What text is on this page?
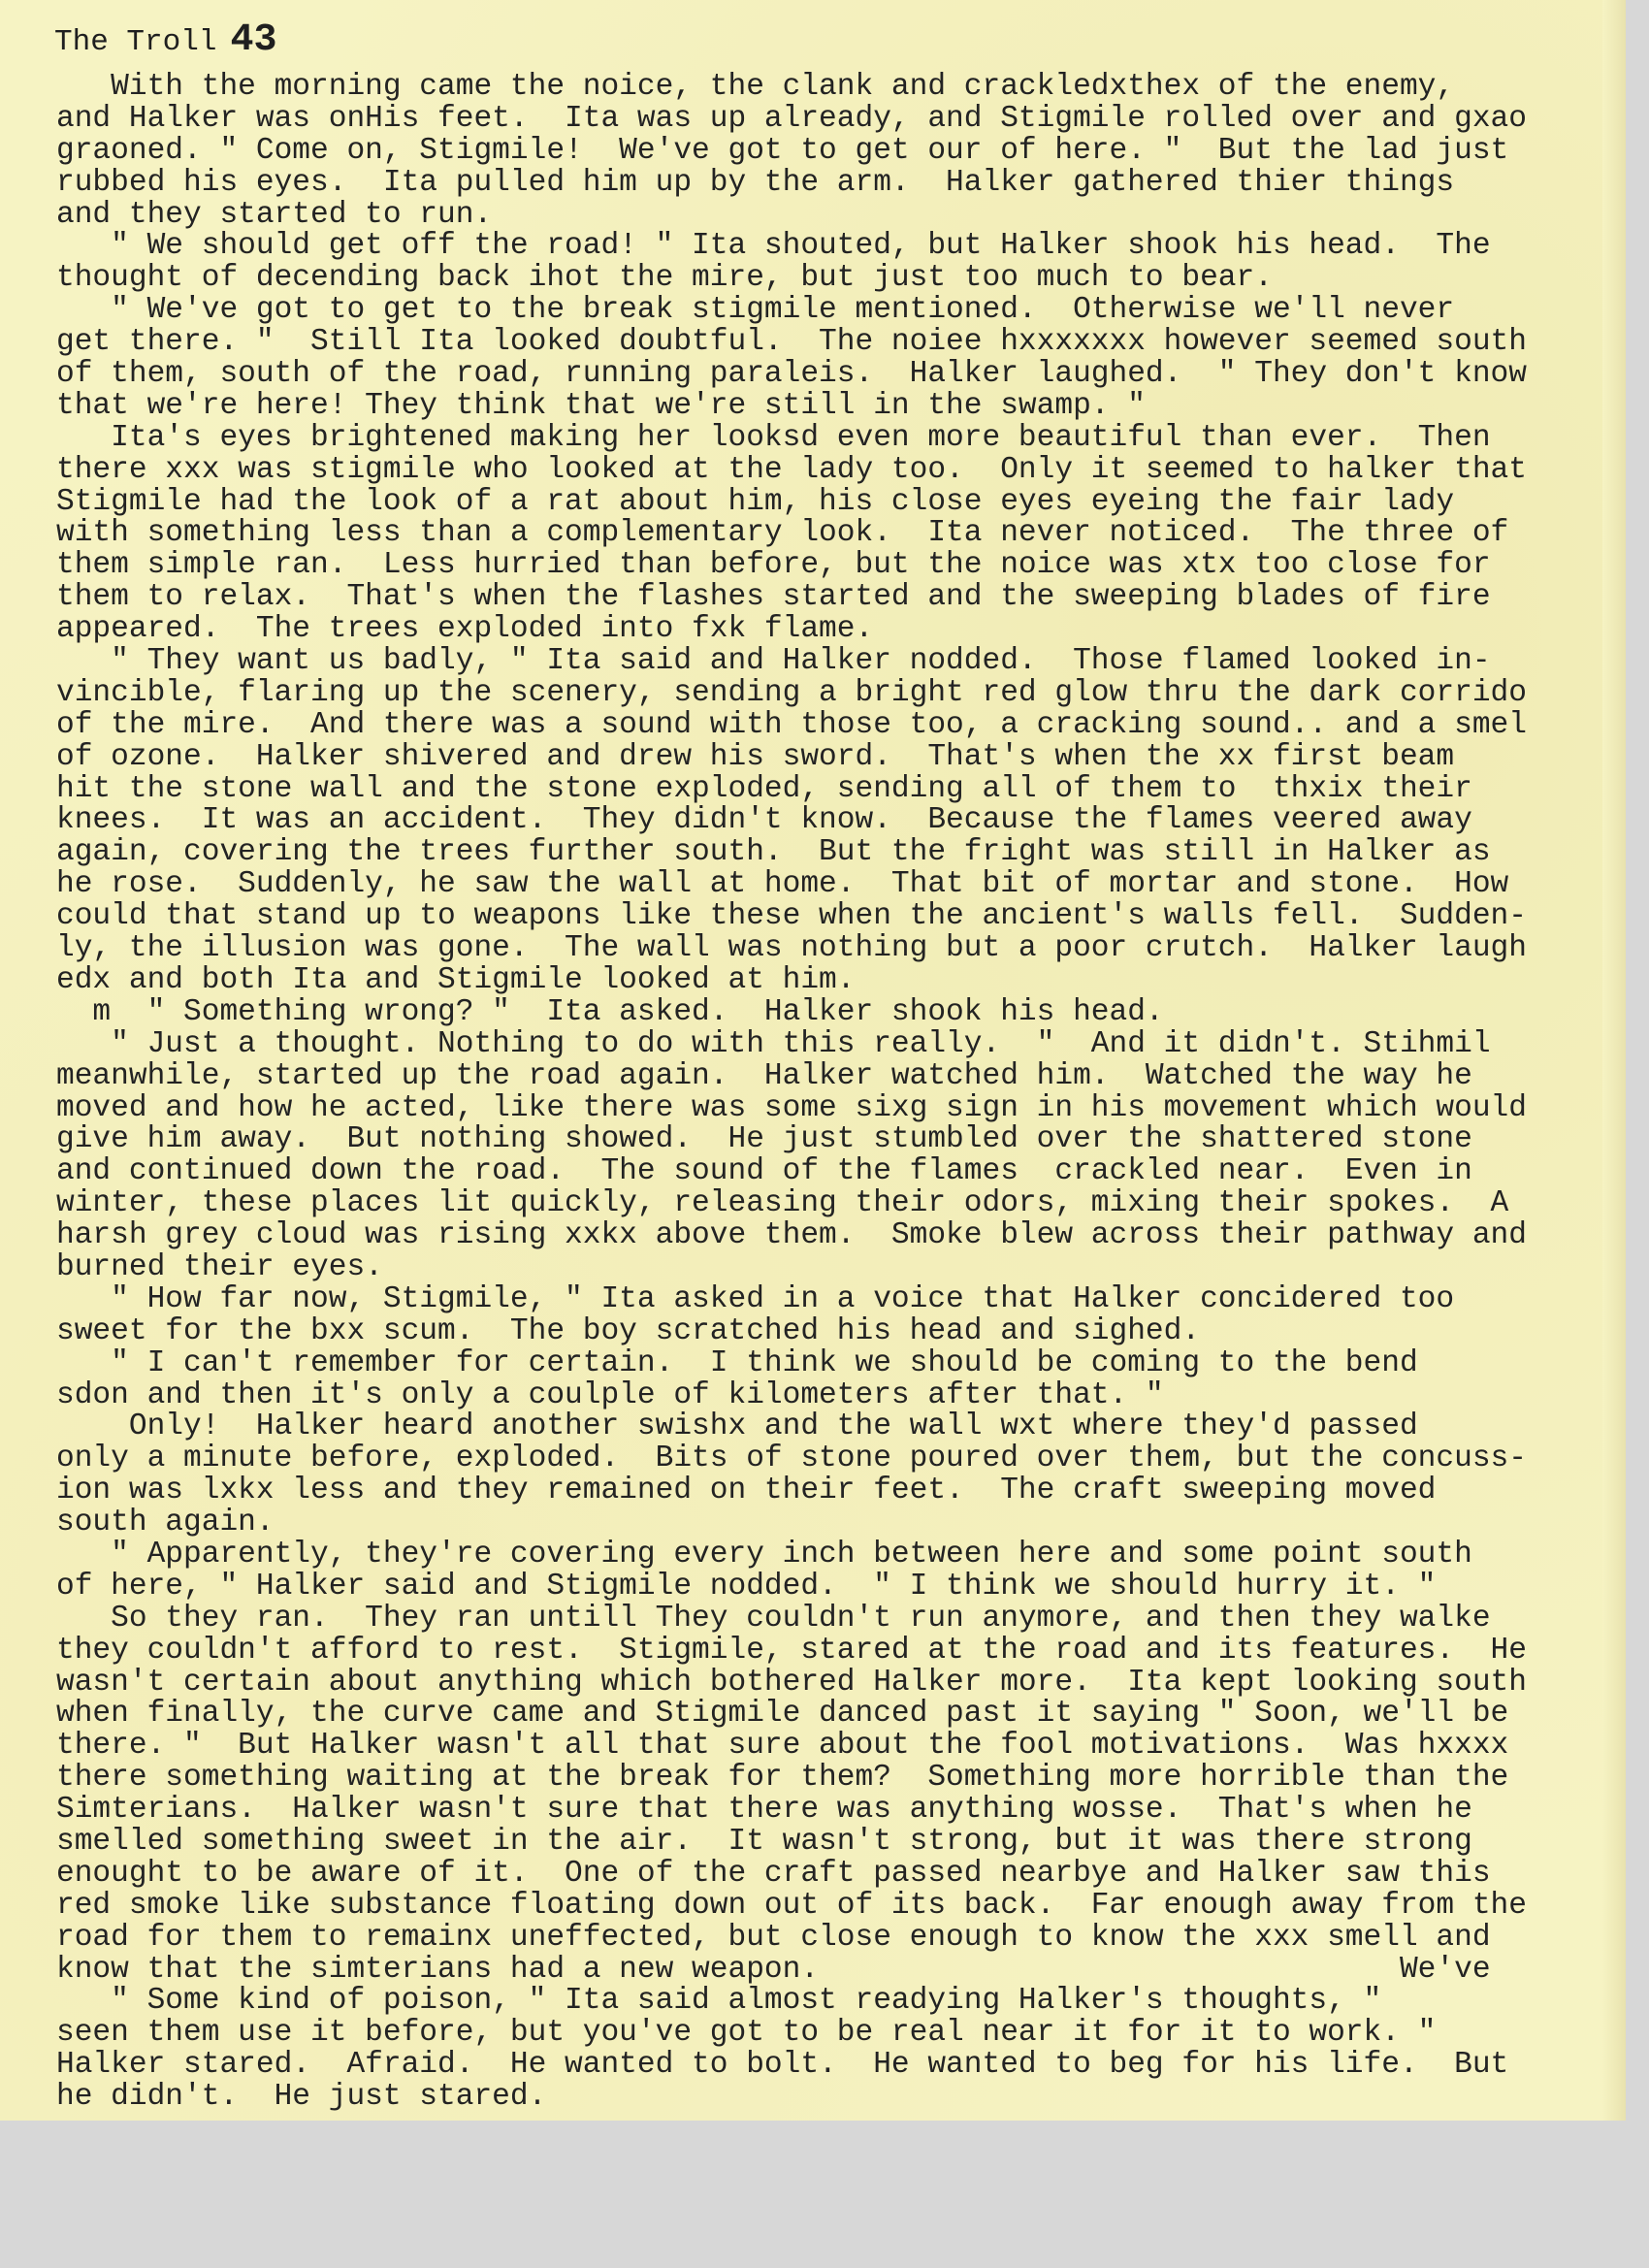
The Troll 43
With the morning came the noice, the clank and crackledxthex of the enemy,
and Halker was onHis feet.  Ita was up already, and Stigmile rolled over and gxao
graoned. " Come on, Stigmile!  We've got to get our of here. "  But the lad just
rubbed his eyes.  Ita pulled him up by the arm.  Halker gathered thier things
and they started to run.
" We should get off the road! " Ita shouted, but Halker shook his head.  The
thought of decending back ihot the mire, but just too much to bear.
" We've got to get to the break stigmile mentioned.  Otherwise we'll never
get there. "  Still Ita looked doubtful.  The noiee hxxxxxxx however seemed south
of them, south of the road, running paraleis.  Halker laughed.  " They don't know
that we're here! They think that we're still in the swamp. "
Ita's eyes brightened making her looksd even more beautiful than ever.  Then
there xxx was stigmile who looked at the lady too.  Only it seemed to halker that
Stigmile had the look of a rat about him, his close eyes eyeing the fair lady
with something less than a complementary look.  Ita never noticed.  The three of
them simple ran.  Less hurried than before, but the noice was xtx too close for
them to relax.  That's when the flashes started and the sweeping blades of fire
appeared.  The trees exploded into fxk flame.
" They want us badly, " Ita said and Halker nodded.  Those flamed looked in-
vincible, flaring up the scenery, sending a bright red glow thru the dark corrido
of the mire.  And there was a sound with those too, a cracking sound.. and a smel
of ozone.  Halker shivered and drew his sword.  That's when the xx first beam
hit the stone wall and the stone exploded, sending all of them to  thxix their
knees.  It was an accident.  They didn't know.  Because the flames veered away
again, covering the trees further south.  But the fright was still in Halker as
he rose.  Suddenly, he saw the wall at home.  That bit of mortar and stone.  How
could that stand up to weapons like these when the ancient's walls fell.  Sudden-
ly, the illusion was gone.  The wall was nothing but a poor crutch.  Halker laugh
edx and both Ita and Stigmile looked at him.
m  " Something wrong? "  Ita asked.  Halker shook his head.
" Just a thought. Nothing to do with this really.  "  And it didn't. Stihmil
meanwhile, started up the road again.  Halker watched him.  Watched the way he
moved and how he acted, like there was some sixg sign in his movement which would
give him away.  But nothing showed.  He just stumbled over the shattered stone
and continued down the road.  The sound of the flames  crackled near.  Even in
winter, these places lit quickly, releasing their odors, mixing their spokes.  A
harsh grey cloud was rising xxkx above them.  Smoke blew across their pathway and
burned their eyes.
" How far now, Stigmile, " Ita asked in a voice that Halker concidered too
sweet for the bxx scum.  The boy scratched his head and sighed.
" I can't remember for certain.  I think we should be coming to the bend
sdon and then it's only a coulple of kilometers after that. "
Only!  Halker heard another swishx and the wall wxt where they'd passed
only a minute before, exploded.  Bits of stone poured over them, but the concuss-
ion was lxkx less and they remained on their feet.  The craft sweeping moved
south again.
" Apparently, they're covering every inch between here and some point south
of here, " Halker said and Stigmile nodded.  " I think we should hurry it. "
So they ran.  They ran untill They couldn't run anymore, and then they walke
they couldn't afford to rest.  Stigmile, stared at the road and its features.  He
wasn't certain about anything which bothered Halker more.  Ita kept looking south
when finally, the curve came and Stigmile danced past it saying " Soon, we'll be
there. "  But Halker wasn't all that sure about the fool motivations.  Was hxxxx
there something waiting at the break for them?  Something more horrible than the
Simterians.  Halker wasn't sure that there was anything wosse.  That's when he
smelled something sweet in the air.  It wasn't strong, but it was there strong
enought to be aware of it.  One of the craft passed nearbye and Halker saw this
red smoke like substance floating down out of its back.  Far enough away from the
road for them to remainx uneffected, but close enough to know the xxx smell and
know that the simterians had a new weapon.                                We've
" Some kind of poison, " Ita said almost readying Halker's thoughts, "
seen them use it before, but you've got to be real near it for it to work. "
Halker stared.  Afraid.  He wanted to bolt.  He wanted to beg for his life.  But
he didn't.  He just stared.
